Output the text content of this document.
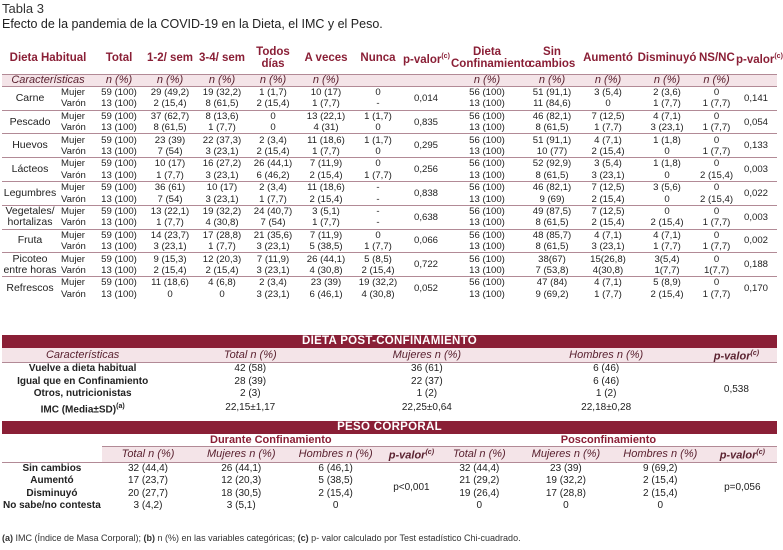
Tabla 3
Efecto de la pandemia de la COVID-19 en la Dieta, el IMC y el Peso.
Dieta Habitual		Total	1-2/ sem	3-4/ sem	Todos días	A veces	Nunca	p-valor$^{(c)}$	Dieta Confinamiento	Sin cambios	Aumentó	Disminuyó	NS/NC	p-valor$^{(c)}$
Características		n (%)	n (%)	n (%)	n (%)	n (%)			n (%)	n (%)	n (%)	n (%)	n (%)	
Carne	Mujer	59 (100)	29 (49,2)	19 (32,2)	1 (1,7)	10 (17)	0	0,014	56 (100)	51 (91,1)	3 (5,4)	2 (3,6)	0	0,141
	Varón	13 (100)	2 (15,4)	8 (61,5)	2 (15,4)	1 (7,7)	-		13 (100)	11 (84,6)	0	1 (7,7)	1 (7,7)	
Pescado	Mujer	59 (100)	37 (62,7)	8 (13,6)	0	13 (22,1)	1 (1,7)	0,835	56 (100)	46 (82,1)	7 (12,5)	4 (7,1)	0	0,054
	Varón	13 (100)	8 (61,5)	1 (7,7)	0	4 (31)	0		13 (100)	8 (61,5)	1 (7,7)	3 (23,1)	1 (7,7)	
Huevos	Mujer	59 (100)	23 (39)	22 (37,3)	2 (3,4)	11 (18,6)	1 (1,7)	0,295	56 (100)	51 (91,1)	4 (7,1)	1 (1,8)	0	0,133
	Varón	13 (100)	7 (54)	3 (23,1)	2 (15,4)	1 (7,7)	0		13 (100)	10 (77)	2 (15,4)	0	1 (7,7)	
Lácteos	Mujer	59 (100)	10 (17)	16 (27,2)	26 (44,1)	7 (11,9)	0	0,256	56 (100)	52 (92,9)	3 (5,4)	1 (1,8)	0	0,003
	Varón	13 (100)	1 (7,7)	3 (23,1)	6 (46,2)	2 (15,4)	1 (7,7)		13 (100)	8 (61,5)	3 (23,1)	0	2 (15,4)	
Legumbres	Mujer	59 (100)	36 (61)	10 (17)	2 (3,4)	11 (18,6)	-	0,838	56 (100)	46 (82,1)	7 (12,5)	3 (5,6)	0	0,022
	Varón	13 (100)	7 (54)	3 (23,1)	1 (7,7)	2 (15,4)	-		13 (100)	9 (69)	2 (15,4)	0	2 (15,4)	
Vegetales/ hortalizas	Mujer	59 (100)	13 (22,1)	19 (32,2)	24 (40,7)	3 (5,1)	-	0,638	56 (100)	49 (87,5)	7 (12,5)	0	0	0,003
	Varón	13 (100)	1 (7,7)	4 (30,8)	7 (54)	1 (7,7)	-		13 (100)	8 (61,5)	2 (15,4)	2 (15,4)	1 (7,7)	
Fruta	Mujer	59 (100)	14 (23,7)	17 (28,8)	21 (35,6)	7 (11,9)	0	0,066	56 (100)	48 (85,7)	4 (7,1)	4 (7,1)	0	0,002
	Varón	13 (100)	3 (23,1)	1 (7,7)	3 (23,1)	5 (38,5)	1 (7,7)		13 (100)	8 (61,5)	3 (23,1)	1 (7,7)	1 (7,7)	
Picoteo entre horas	Mujer	59 (100)	9 (15,3)	12 (20,3)	7 (11,9)	26 (44,1)	5 (8,5)	0,722	56 (100)	38(67)	15(26,8)	3(5,4)	0	0,188
	Varón	13 (100)	2 (15,4)	2 (15,4)	3 (23,1)	4 (30,8)	2 (15,4)		13 (100)	7 (53,8)	4(30,8)	1(7,7)	1(7,7)	
Refrescos	Mujer	59 (100)	11 (18,6)	4 (6,8)	2 (3,4)	23 (39)	19 (32,2)	0,052	56 (100)	47 (84)	4 (7,1)	5 (8,9)	0	0,170
	Varón	13 (100)	0	0	3 (23,1)	6 (46,1)	4 (30,8)		13 (100)	9 (69,2)	1 (7,7)	2 (15,4)	1 (7,7)	
DIETA POST-CONFINAMIENTO				
Características	Total n (%)	Mujeres n (%)	Hombres n (%)	p-valor$^{(c)}$
Vuelve a dieta habitual	42 (58)	36 (61)	6 (46)	0,538
Igual que en Confinamiento	28 (39)	22 (37)	6 (46)	
Otros, nutricionistas	2 (3)	1 (2)	1 (2)	
IMC (Media±SD)$^{(a)}$	22,15±1,17	22,25±0,64	22,18±0,28	
PESO CORPORAL								
	Durante Confinamiento				Posconfinamiento			
	Total n (%)	Mujeres n (%)	Hombres n (%)	p-valor$^{(c)}$	Total n (%)	Mujeres n (%)	Hombres n (%)	p-valor$^{(c)}$
Sin cambios	32 (44,4)	26 (44,1)	6 (46,1)	p<0,001	32 (44,4)	23 (39)	9 (69,2)	p=0,056
Aumentó	17 (23,7)	12 (20,3)	5 (38,5)		21 (29,2)	19 (32,2)	2 (15,4)	
Disminuyó	20 (27,7)	18 (30,5)	2 (15,4)		19 (26,4)	17 (28,8)	2 (15,4)	
No sabe/no contesta	3 (4,2)	3 (5,1)	0		0	0	0	
(a) IMC (Índice de Masa Corporal); (b) n (%) en las variables categóricas; (c) p- valor calculado por Test estadístico Chi-cuadrado.
